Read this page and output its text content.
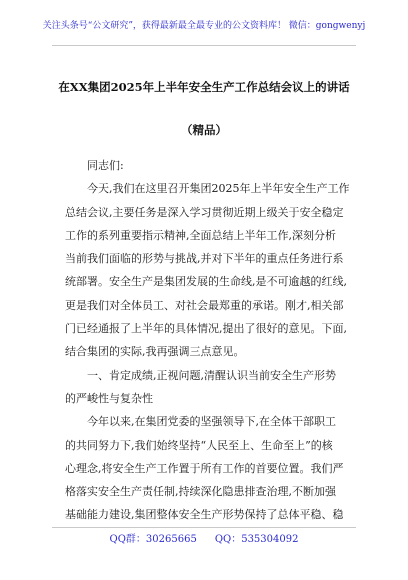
关注头条号“公文研究”，获得最新最全最专业的公文资料库！ 微信：gongwenyj
在XX集团2025年上半年安全生产工作总结会议上的讲话
（精品）
同志们:
今天,我们在这里召开集团2025年上半年安全生产工作
总结会议,主要任务是深入学习贯彻近期上级关于安全稳定
工作的系列重要指示精神,全面总结上半年工作,深刻分析
当前我们面临的形势与挑战,并对下半年的重点任务进行系
统部署。安全生产是集团发展的生命线,是不可逾越的红线,
更是我们对全体员工、对社会最郑重的承诺。刚才,相关部
门已经通报了上半年的具体情况,提出了很好的意见。下面,
结合集团的实际,我再强调三点意见。
一、肯定成绩,正视问题,清醒认识当前安全生产形势
的严峻性与复杂性
今年以来,在集团党委的坚强领导下,在全体干部职工
的共同努力下,我们始终坚持“人民至上、生命至上”的核
心理念,将安全生产工作置于所有工作的首要位置。我们严
格落实安全生产责任制,持续深化隐患排查治理,不断加强
基础能力建设,集团整体安全生产形势保持了总体平稳、稳
QQ群：30265665 QQ：535304092
